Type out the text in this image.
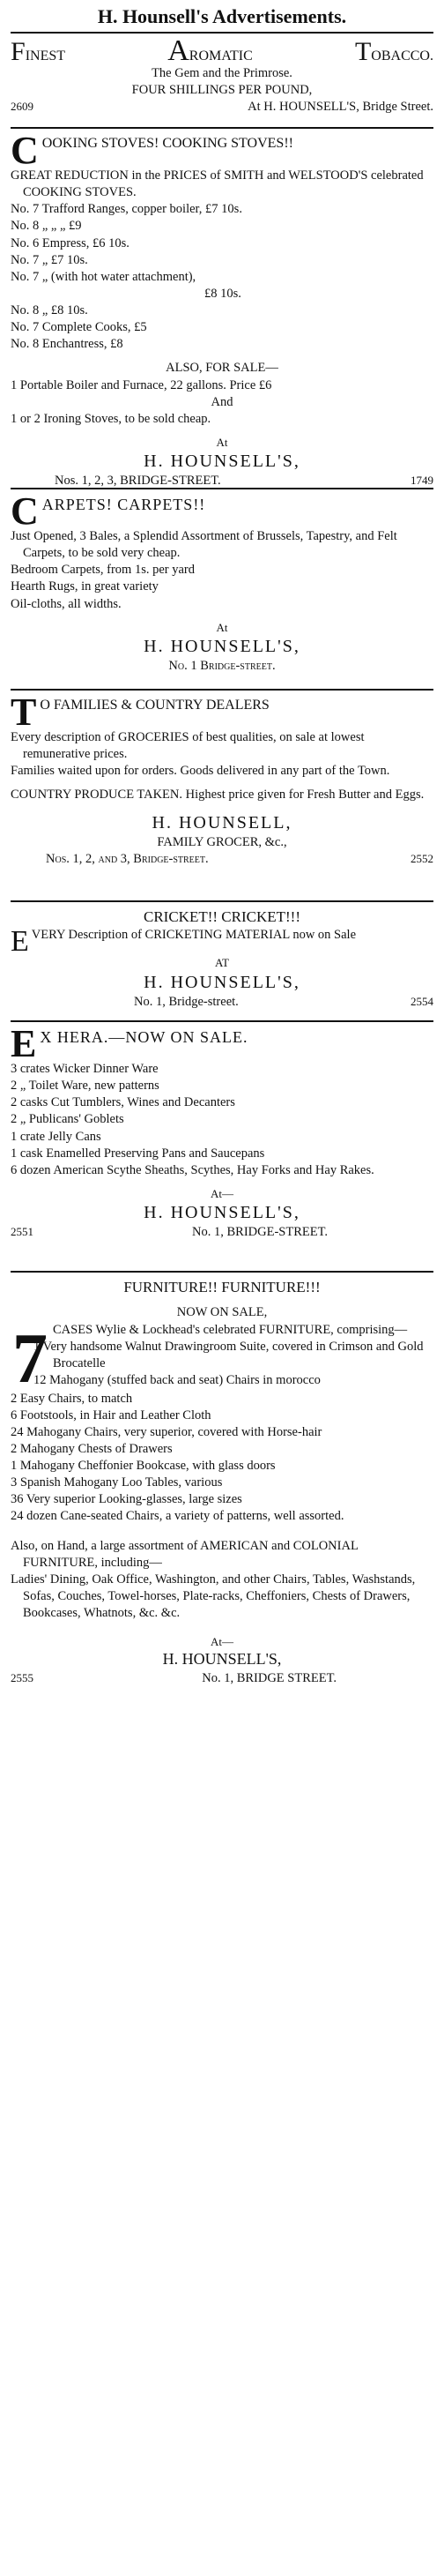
H. Hounsell's Advertisements.
FINEST	AROMATIC	TOBACCO.
The Gem and the Primrose.
FOUR SHILLINGS PER POUND,
2609	At H. HOUNSELL'S, Bridge Street.
C OOKING STOVES! COOKING STOVES!!
GREAT REDUCTION in the PRICES of SMITH and WELSTOOD'S celebrated COOKING STOVES.
No. 7 Trafford Ranges, copper boiler, £7 10s.
No. 8 „ „ „ £9
No. 6 Empress, £6 10s.
No. 7 „ £7 10s.
No. 7 „ (with hot water attachment),
£8 10s.
No. 8 „ £8 10s.
No. 7 Complete Cooks, £5
No. 8 Enchantress, £8
ALSO, FOR SALE—
1 Portable Boiler and Furnace, 22 gallons. Price £6
And
1 or 2 Ironing Stoves, to be sold cheap.
At
H. HOUNSELL'S,
Nos. 1, 2, 3, BRIDGE-STREET.	1749
C ARPETS! CARPETS!!
Just Opened, 3 Bales, a Splendid Assortment of Brussels, Tapestry, and Felt Carpets, to be sold very cheap.
Bedroom Carpets, from 1s. per yard
Hearth Rugs, in great variety
Oil-cloths, all widths.
At
H. HOUNSELL'S,
No. 1 Bridge-street.
T O FAMILIES & COUNTRY DEALERS
Every description of GROCERIES of best qualities, on sale at lowest remunerative prices.
Families waited upon for orders. Goods delivered in any part of the Town.
COUNTRY PRODUCE TAKEN. Highest price given for Fresh Butter and Eggs.
H. HOUNSELL,
FAMILY GROCER, &c.,
Nos. 1, 2, and 3, Bridge-street.	2552
CRICKET!! CRICKET!!!
E VERY Description of CRICKETING MATERIAL now on Sale
AT
H. HOUNSELL'S,
No. 1, Bridge-street.	2554
E X HERA.—NOW ON SALE.
3 crates Wicker Dinner Ware
2 „ Toilet Ware, new patterns
2 casks Cut Tumblers, Wines and Decanters
2 „ Publicans' Goblets
1 crate Jelly Cans
1 cask Enamelled Preserving Pans and Saucepans
6 dozen American Scythe Sheaths, Scythes, Hay Forks and Hay Rakes.
At—
H. HOUNSELL'S,
2551	No. 1, BRIDGE-STREET.
FURNITURE!! FURNITURE!!!
NOW ON SALE,
7 CASES Wylie & Lockhead's celebrated FURNITURE, comprising—
1 Very handsome Walnut Drawingroom Suite, covered in Crimson and Gold Brocatelle
12 Mahogany (stuffed back and seat) Chairs in morocco
2 Easy Chairs, to match
6 Footstools, in Hair and Leather Cloth
24 Mahogany Chairs, very superior, covered with Horse-hair
2 Mahogany Chests of Drawers
1 Mahogany Cheffonier Bookcase, with glass doors
3 Spanish Mahogany Loo Tables, various
36 Very superior Looking-glasses, large sizes
24 dozen Cane-seated Chairs, a variety of patterns, well assorted.
Also, on Hand, a large assortment of AMERICAN and COLONIAL FURNITURE, including—
Ladies' Dining, Oak Office, Washington, and other Chairs, Tables, Washstands, Sofas, Couches, Towel-horses, Plate-racks, Cheffoniers, Chests of Drawers, Bookcases, Whatnots, &c. &c.
At—
H. HOUNSELL'S,
2555	No. 1, BRIDGE STREET.
